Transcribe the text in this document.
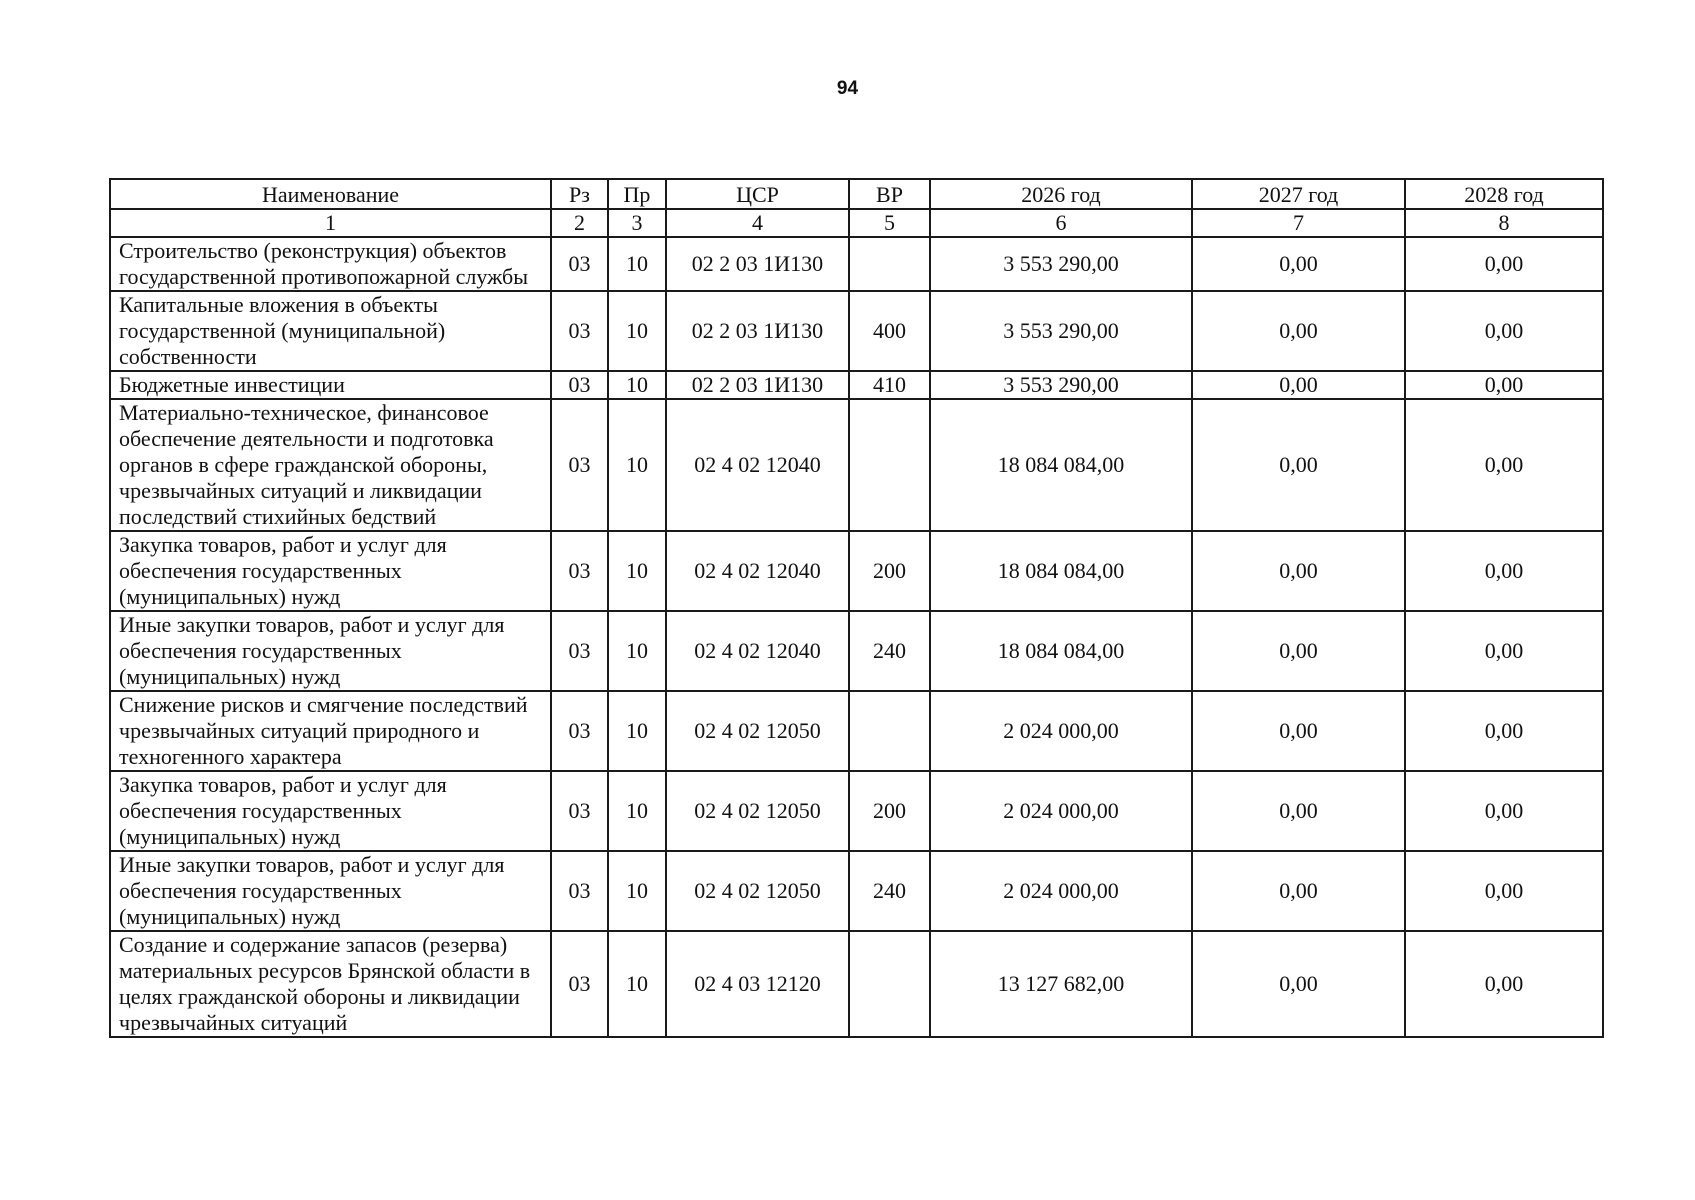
94
Наименование	Рз	Пр	ЦСР	ВР	2026 год	2027 год	2028 год
1	2	3	4	5	6	7	8
Строительство (реконструкция) объектов государственной противопожарной службы	03	10	02 2 03 1И130		3 553 290,00	0,00	0,00
Капитальные вложения в объекты государственной (муниципальной) собственности	03	10	02 2 03 1И130	400	3 553 290,00	0,00	0,00
Бюджетные инвестиции	03	10	02 2 03 1И130	410	3 553 290,00	0,00	0,00
Материально-техническое, финансовое обеспечение деятельности и подготовка органов в сфере гражданской обороны, чрезвычайных ситуаций и ликвидации последствий стихийных бедствий	03	10	02 4 02 12040		18 084 084,00	0,00	0,00
Закупка товаров, работ и услуг для обеспечения государственных (муниципальных) нужд	03	10	02 4 02 12040	200	18 084 084,00	0,00	0,00
Иные закупки товаров, работ и услуг для обеспечения государственных (муниципальных) нужд	03	10	02 4 02 12040	240	18 084 084,00	0,00	0,00
Снижение рисков и смягчение последствий чрезвычайных ситуаций природного и техногенного характера	03	10	02 4 02 12050		2 024 000,00	0,00	0,00
Закупка товаров, работ и услуг для обеспечения государственных (муниципальных) нужд	03	10	02 4 02 12050	200	2 024 000,00	0,00	0,00
Иные закупки товаров, работ и услуг для обеспечения государственных (муниципальных) нужд	03	10	02 4 02 12050	240	2 024 000,00	0,00	0,00
Создание и содержание запасов (резерва) материальных ресурсов Брянской области в целях гражданской обороны и ликвидации чрезвычайных ситуаций	03	10	02 4 03 12120		13 127 682,00	0,00	0,00
